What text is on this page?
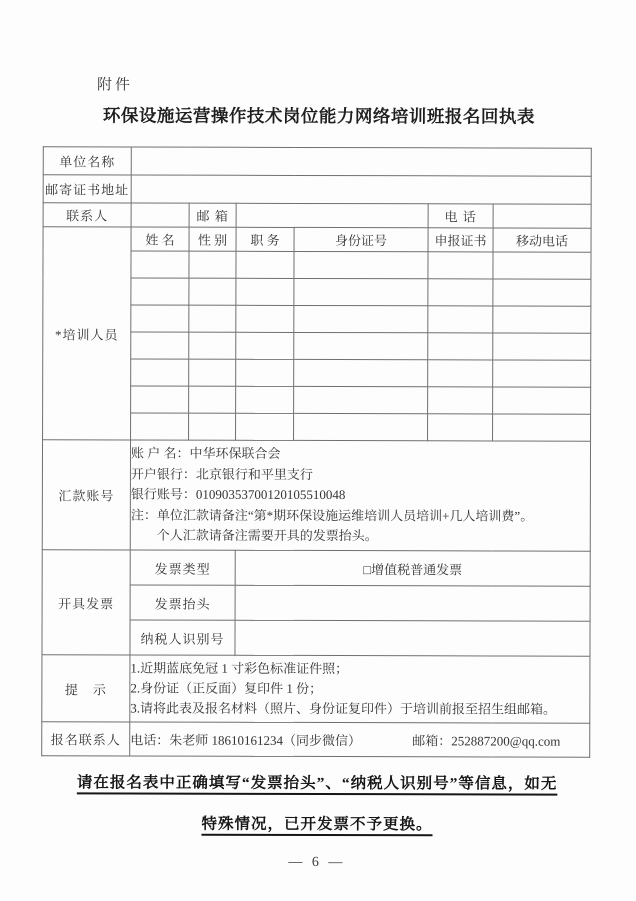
附件
环保设施运营操作技术岗位能力网络培训班报名回执表
单位名称						
邮寄证书地址						
联系人		邮 箱			电 话	
*培训人员	姓 名	性 别	职 务	身份证号	申报证书	移动电话

汇款账号	账 户 名：中华环保联合会
开户银行：北京银行和平里支行
银行账号：01090353700120105510048
注：单位汇款请备注“第*期环保设施运维培训人员培训+几人培训费”。
个人汇款请备注需要开具的发票抬头。					

开具发票	发票类型		□增值税普通发票			
	发票抬头					
	纳税人识别号					
提　示	1.近期蓝底免冠 1 寸彩色标准证件照；
2.身份证（正反面）复印件 1 份；
3.请将此表及报名材料（照片、身份证复印件）于培训前报至招生组邮箱。					

报名联系人	电话：朱老师 18610161234（同步微信） 邮箱：252887200@qq.com					
请在报名表中正确填写“发票抬头”、“纳税人识别号”等信息，如无
特殊情况，已开发票不予更换。
— 6 —
